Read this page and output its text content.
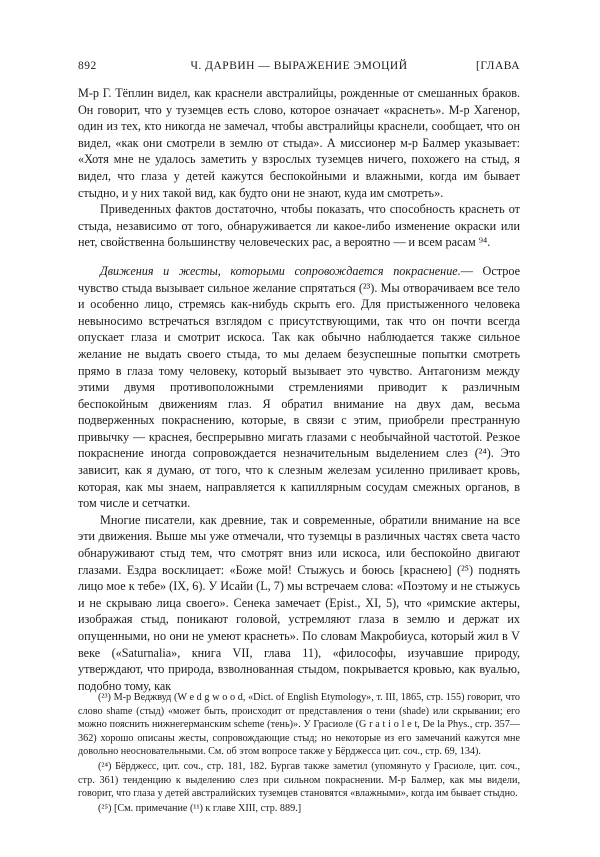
892	Ч. ДАРВИН — ВЫРАЖЕНИЕ ЭМОЦИЙ	[ГЛАВА

М-р Г. Тёплин видел, как краснели австралийцы, рожденные от смешанных браков. Он говорит, что у туземцев есть слово, которое означает «краснеть». М-р Хагенор, один из тех, кто никогда не замечал, чтобы австралийцы краснели, сообщает, что он видел, «как они смотрели в землю от стыда». А миссионер м-р Балмер указывает: «Хотя мне не удалось заметить у взрослых туземцев ничего, похожего на стыд, я видел, что глаза у детей кажутся беспокойными и влажными, когда им бывает стыдно, и у них такой вид, как будто они не знают, куда им смотреть».

Приведенных фактов достаточно, чтобы показать, что способность краснеть от стыда, независимо от того, обнаруживается ли какое-либо изменение окраски или нет, свойственна большинству человеческих рас, а вероятно — и всем расам ⁹⁴.

Движения и жесты, которыми сопровождается покраснение.— Острое чувство стыда вызывает сильное желание спрятаться (²³). Мы отворачиваем все тело и особенно лицо, стремясь как-нибудь скрыть его. Для пристыженного человека невыносимо встречаться взглядом с присутствующими, так что он почти всегда опускает глаза и смотрит искоса. Так как обычно наблюдается также сильное желание не выдать своего стыда, то мы делаем безуспешные попытки смотреть прямо в глаза тому человеку, который вызывает это чувство. Антагонизм между этими двумя противоположными стремлениями приводит к различным беспокойным движениям глаз. Я обратил внимание на двух дам, весьма подверженных покраснению, которые, в связи с этим, приобрели престранную привычку — краснея, беспрерывно мигать глазами с необычайной частотой. Резкое покраснение иногда сопровождается незначительным выделением слез (²⁴). Это зависит, как я думаю, от того, что к слезным железам усиленно приливает кровь, которая, как мы знаем, направляется к капиллярным сосудам смежных органов, в том числе и сетчатки.

Многие писатели, как древние, так и современные, обратили внимание на все эти движения. Выше мы уже отмечали, что туземцы в различных частях света часто обнаруживают стыд тем, что смотрят вниз или искоса, или беспокойно двигают глазами. Ездра восклицает: «Боже мой! Стыжусь и боюсь [краснею] (²⁵) поднять лицо мое к тебе» (IX, 6). У Исайи (L, 7) мы встречаем слова: «Поэтому и не стыжусь и не скрываю лица своего». Сенека замечает (Epist., XI, 5), что «римские актеры, изображая стыд, поникают головой, устремляют глаза в землю и держат их опущенными, но они не умеют краснеть». По словам Макробиуса, который жил в V веке («Saturnalia», книга VII, глава 11), «философы, изучавшие природу, утверждают, что природа, взволнованная стыдом, покрывается кровью, как вуалью, подобно тому, как

(²³) М-р Веджвуд (W e d g w o o d, «Dict. of English Etymology», т. III, 1865, стр. 155) говорит, что слово shame (стыд) «может быть, происходит от представления о тени (shade) или скрывании; его можно пояснить нижнегерманским scheme (тень)». У Грасиоле (G r a t i o l e t, De la Phys., стр. 357—362) хорошо описаны жесты, сопровождающие стыд; но некоторые из его замечаний кажутся мне довольно неосновательными. См. об этом вопросе также у Бёрджесса цит. соч., стр. 69, 134).

(²⁴) Бёрджесс, цит. соч., стр. 181, 182. Бургав также заметил (упомянуто у Грасиоле, цит. соч., стр. 361) тенденцию к выделению слез при сильном покраснении. М-р Балмер, как мы видели, говорит, что глаза у детей австралийских туземцев становятся «влажными», когда им бывает стыдно.

(²⁵) [См. примечание (¹¹) к главе XIII, стр. 889.]
